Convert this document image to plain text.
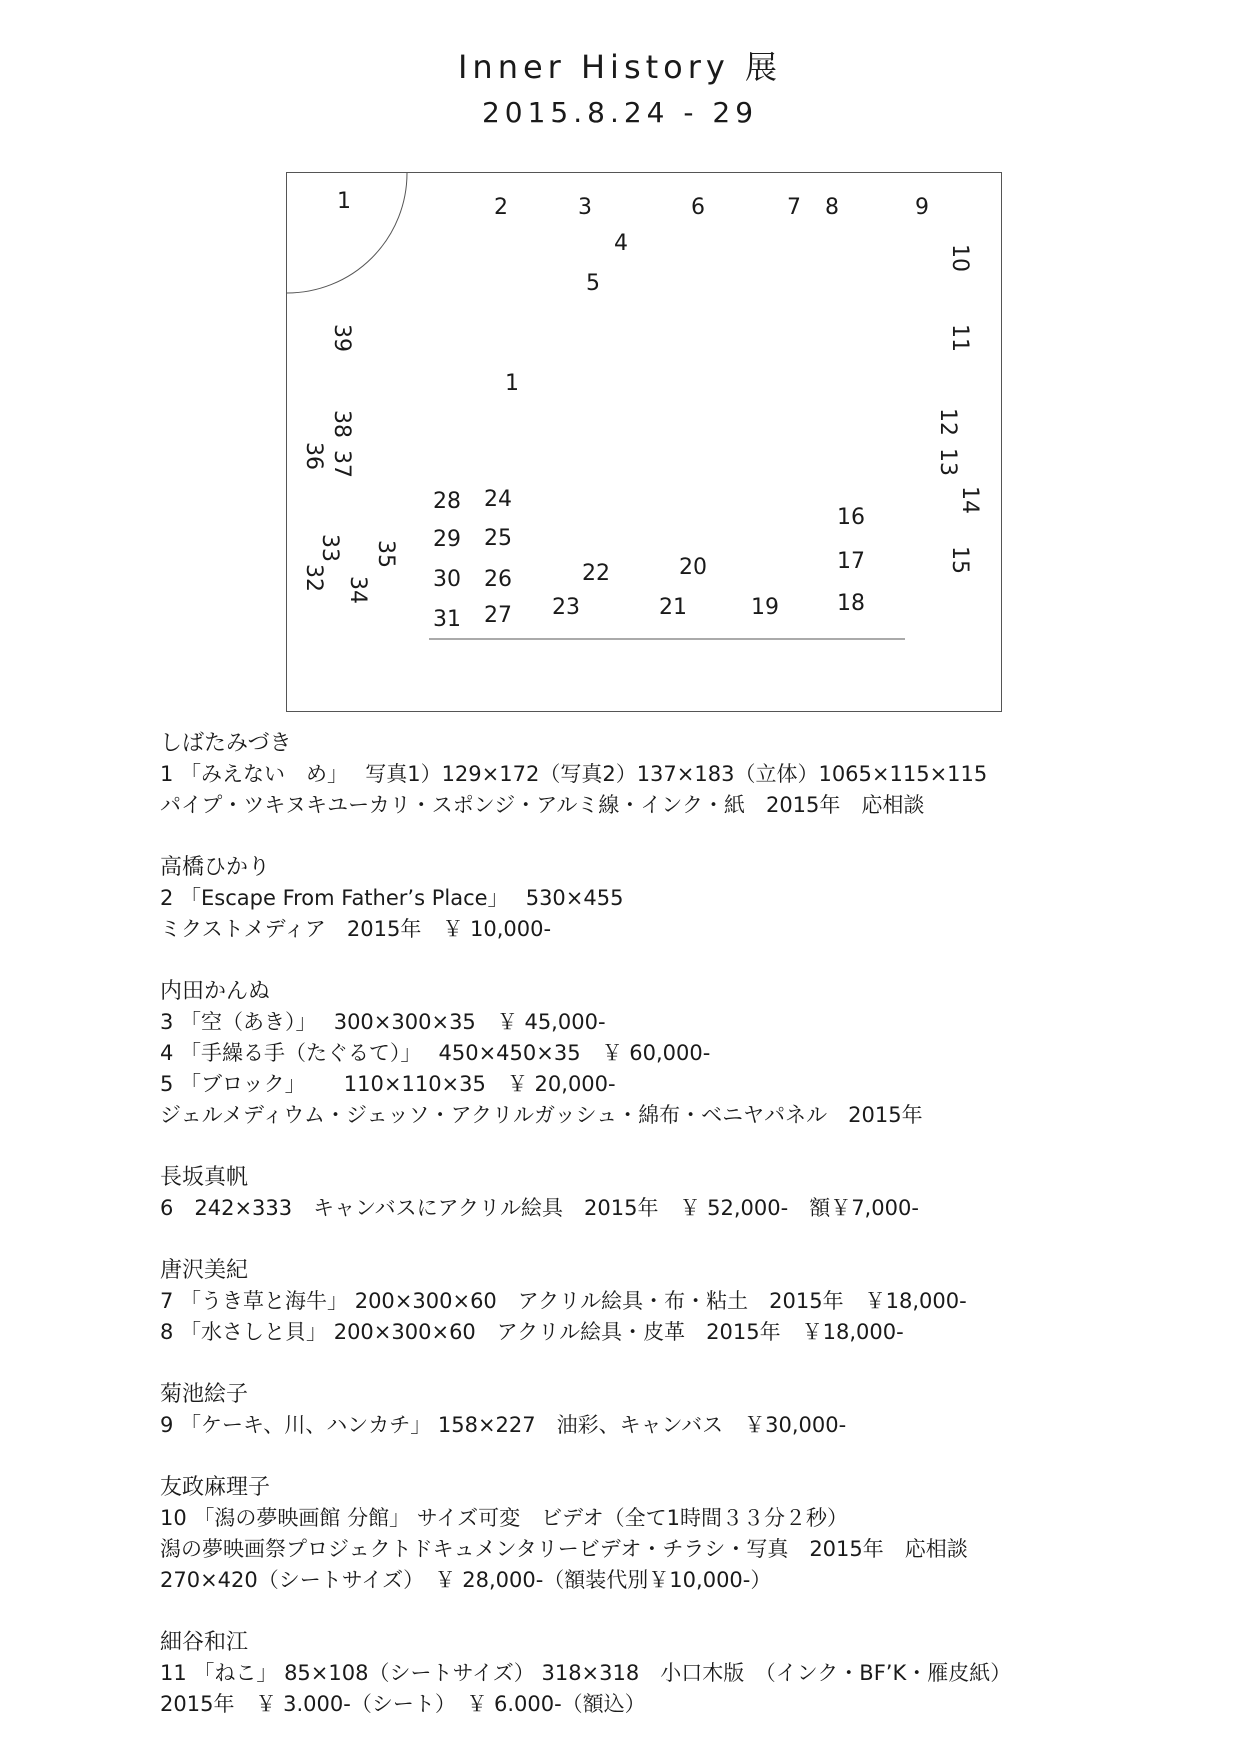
Inner History 展
2015.8.24 - 29
1	2	3	6	7 8	9
4
5
10
39	11
1
38	12
36 37	13
14
28 24
16
29 25
33 35	17	15
32	22	20
30 26
34	18
23	21	19
31 27
しばたみづき
1 「みえない　め」　 写真1）129×172（写真2）137×183（立体）1065×115×115
パイプ・ツキヌキユーカリ・スポンジ・アルミ線・インク・紙　2015年　応相談
高橋ひかり
2 「Escape From Father’s Place」　 530×455
ミクストメディア　2015年　￥ 10,000-
内田かんぬ
3 「空（あき）」　 300×300×35　￥ 45,000-
4 「手繰る手（たぐるて）」　 450×450×35　￥ 60,000-
5 「ブロック」　　 110×110×35　￥ 20,000-
ジェルメディウム・ジェッソ・アクリルガッシュ・綿布・ベニヤパネル　2015年
長坂真帆
6　242×333　キャンバスにアクリル絵具　2015年　￥ 52,000-　額￥7,000-
唐沢美紀
7 「うき草と海牛」 200×300×60　アクリル絵具・布・粘土　2015年　￥18,000-
8 「水さしと貝」 200×300×60　アクリル絵具・皮革　2015年　￥18,000-
菊池絵子
9 「ケーキ、川、ハンカチ」 158×227　油彩、キャンバス　￥30,000-
友政麻理子
10 「潟の夢映画館 分館」 サイズ可変　ビデオ（全て1時間３３分２秒）
潟の夢映画祭プロジェクトドキュメンタリービデオ・チラシ・写真　2015年　応相談
270×420（シートサイズ）　￥ 28,000-（額装代別￥10,000-）
細谷和江
11 「ねこ」 85×108（シートサイズ） 318×318　小口木版　（インク・BF’K・雁皮紙）
2015年　￥ 3.000-（シート）　￥ 6.000-（額込）
